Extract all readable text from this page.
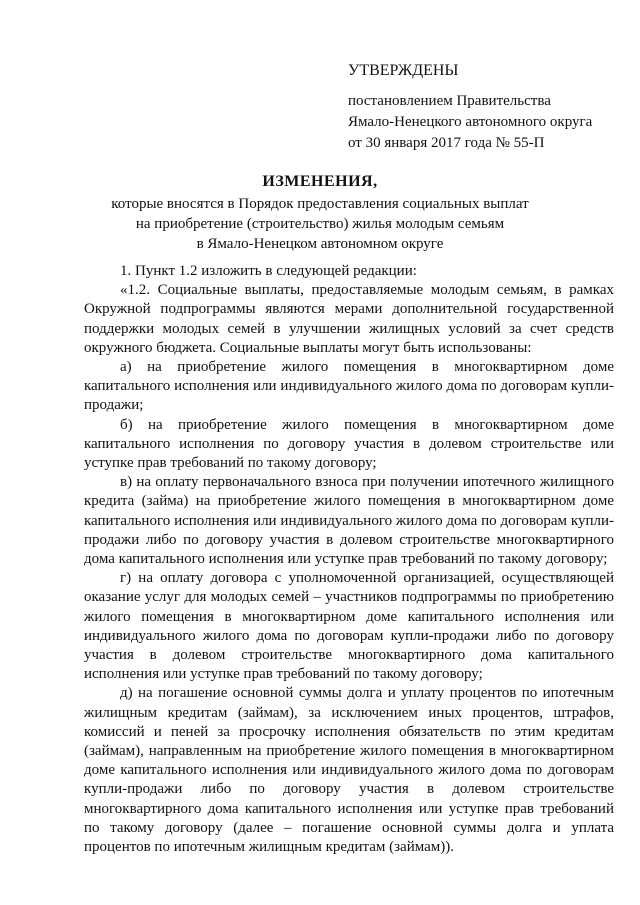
УТВЕРЖДЕНЫ
постановлением Правительства
Ямало-Ненецкого автономного округа
от 30 января 2017 года № 55-П
ИЗМЕНЕНИЯ,
которые вносятся в Порядок предоставления социальных выплат
на приобретение (строительство) жилья молодым семьям
в Ямало-Ненецком автономном округе

1. Пункт 1.2 изложить в следующей редакции:

«1.2. Социальные выплаты, предоставляемые молодым семьям, в рамках Окружной подпрограммы являются мерами дополнительной государственной поддержки молодых семей в улучшении жилищных условий за счет средств окружного бюджета. Социальные выплаты могут быть использованы:

а) на приобретение жилого помещения в многоквартирном доме капитального исполнения или индивидуального жилого дома по договорам купли-продажи;

б) на приобретение жилого помещения в многоквартирном доме капитального исполнения по договору участия в долевом строительстве или уступке прав требований по такому договору;

в) на оплату первоначального взноса при получении ипотечного жилищного кредита (займа) на приобретение жилого помещения в многоквартирном доме капитального исполнения или индивидуального жилого дома по договорам купли-продажи либо по договору участия в долевом строительстве многоквартирного дома капитального исполнения или уступке прав требований по такому договору;

г) на оплату договора с уполномоченной организацией, осуществляющей оказание услуг для молодых семей – участников подпрограммы по приобретению жилого помещения в многоквартирном доме капитального исполнения или индивидуального жилого дома по договорам купли-продажи либо по договору участия в долевом строительстве многоквартирного дома капитального исполнения или уступке прав требований по такому договору;

д) на погашение основной суммы долга и уплату процентов по ипотечным жилищным кредитам (займам), за исключением иных процентов, штрафов, комиссий и пеней за просрочку исполнения обязательств по этим кредитам (займам), направленным на приобретение жилого помещения в многоквартирном доме капитального исполнения или индивидуального жилого дома по договорам купли-продажи либо по договору участия в долевом строительстве многоквартирного дома капитального исполнения или уступке прав требований по такому договору (далее – погашение основной суммы долга и уплата процентов по ипотечным жилищным кредитам (займам)).
